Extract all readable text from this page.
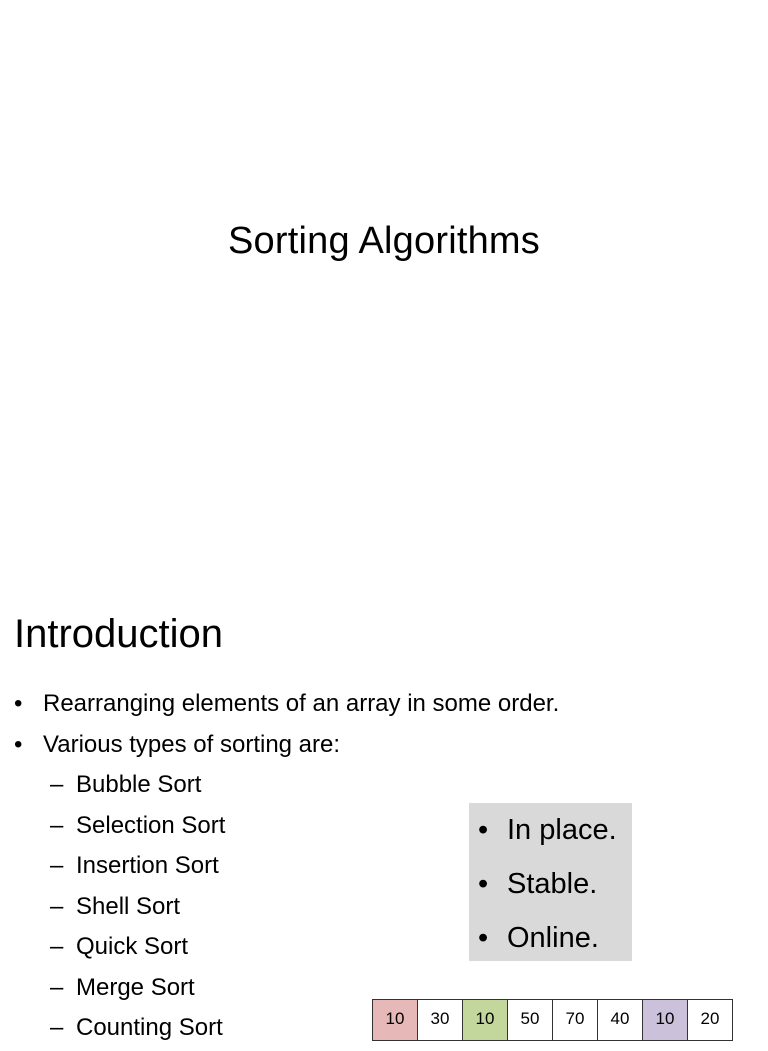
Sorting Algorithms
Introduction
• Rearranging elements of an array in some order.
• Various types of sorting are:
– Bubble Sort
– Selection Sort
– Insertion Sort
– Shell Sort
– Quick Sort
– Merge Sort
– Counting Sort
• In place.
• Stable.
• Online.
10	30	10	50	70	40	10	20
